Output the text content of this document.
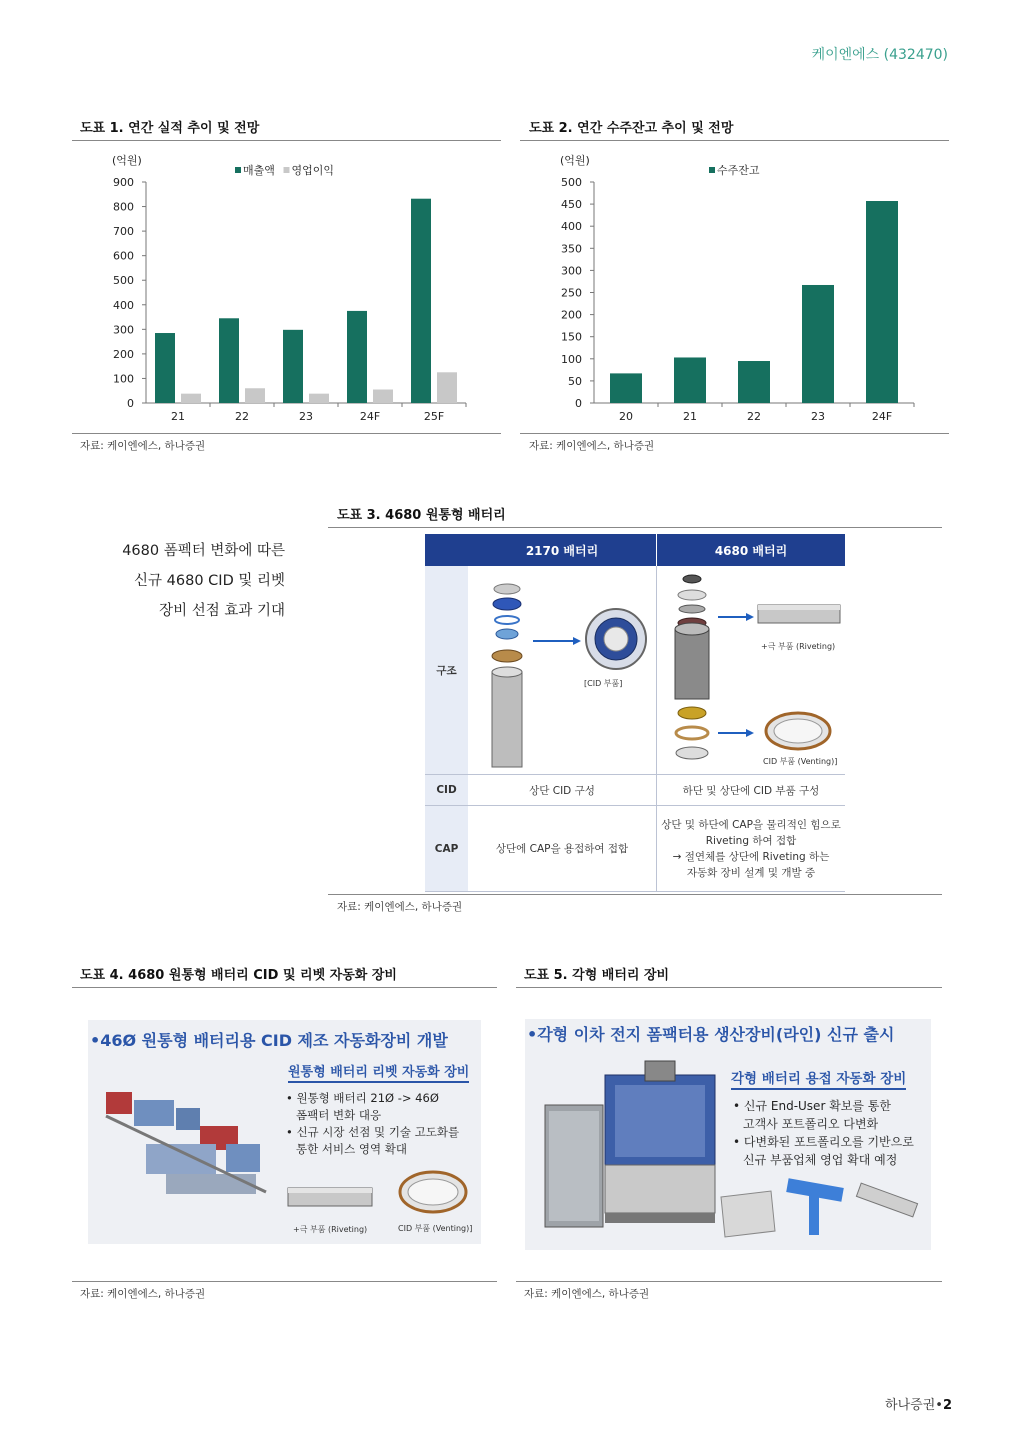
케이엔에스 (432470)
도표 1. 연간 실적 추이 및 전망
(억원)
0
100
200
300
400
500
600
700
800
900
21	22	23	24F	25F
매출액 영업이익
자료: 케이엔에스, 하나증권
도표 2. 연간 수주잔고 추이 및 전망
(억원)
0
50
100
150
200
250
300
350
400
450
500
20	21	22	23	24F
수주잔고
자료: 케이엔에스, 하나증권
4680 폼펙터 변화에 따른
신규 4680 CID 및 리벳
장비 선점 효과 기대
도표 3. 4680 원통형 배터리
	2170 배터리	4680 배터리
구조	[CID 부품]	+극 부품 (Riveting)
CID 부품 (Venting)]

CID	상단 CID 구성	하단 및 상단에 CID 부품 구성
CAP	상단에 CAP을 용접하여 접합	상단 및 하단에 CAP을 물리적인 힘으로
Riveting 하여 접합
→ 절연체를 상단에 Riveting 하는
자동화 장비 설계 및 개발 중
자료: 케이엔에스, 하나증권
도표 4. 4680 원통형 배터리 CID 및 리벳 자동화 장비
•46Ø 원통형 배터리용 CID 제조 자동화장비 개발
원통형 배터리 리벳 자동화 장비
• 원통형 배터리 21Ø -> 46Ø
폼팩터 변화 대응
• 신규 시장 선점 및 기술 고도화를
통한 서비스 영역 확대
+극 부품 (Riveting)	CID 부품 (Venting)]
자료: 케이엔에스, 하나증권
도표 5. 각형 배터리 장비
•각형 이차 전지 폼팩터용 생산장비(라인) 신규 출시
각형 배터리 용접 자동화 장비
• 신규 End-User 확보를 통한
고객사 포트폴리오 다변화
• 다변화된 포트폴리오를 기반으로
신규 부품업체 영업 확대 예정
자료: 케이엔에스, 하나증권
하나증권•2
